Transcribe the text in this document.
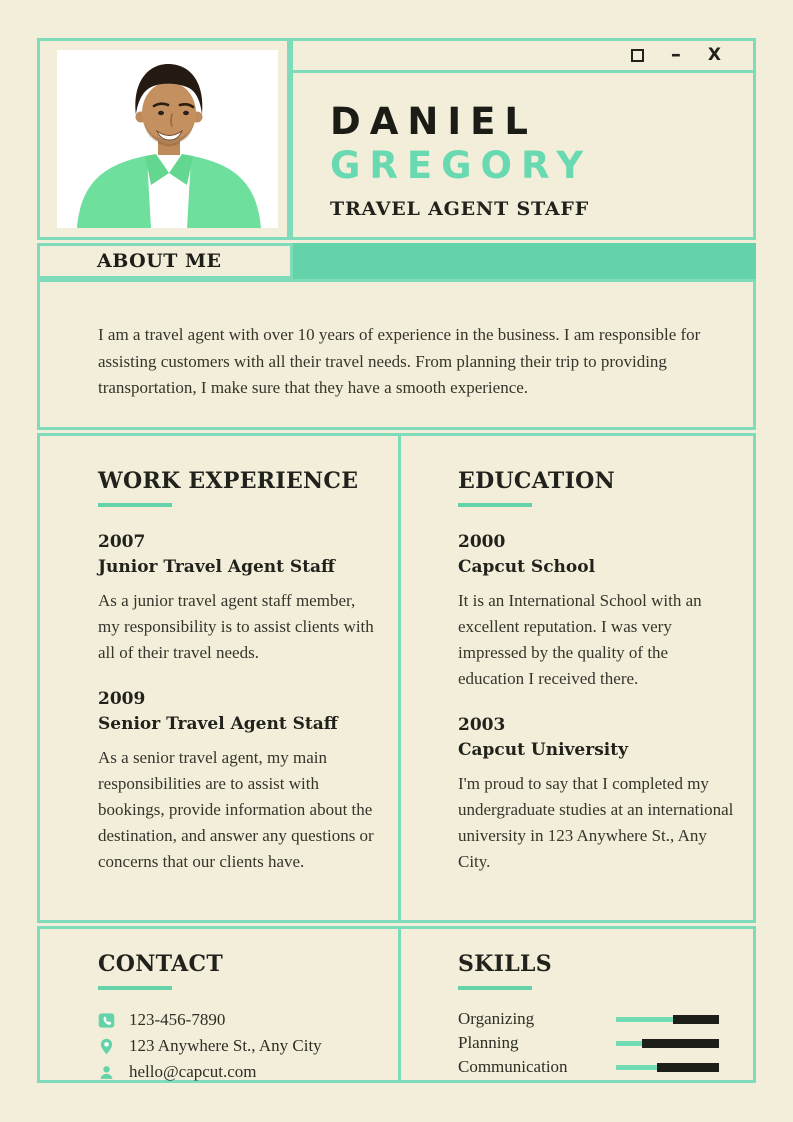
– X
DANIEL
GREGORY
TRAVEL AGENT STAFF
ABOUT ME

I am a travel agent with over 10 years of experience in the business. I am responsible for assisting customers with all their travel needs. From planning their trip to providing transportation, I make sure that they have a smooth experience.

WORK EXPERIENCE
2007
Junior Travel Agent Staff
As a junior travel agent staff member, my responsibility is to assist clients with all of their travel needs.
2009
Senior Travel Agent Staff
As a senior travel agent, my main responsibilities are to assist with bookings, provide information about the destination, and answer any questions or concerns that our clients have.
EDUCATION
2000
Capcut School
It is an International School with an excellent reputation. I was very impressed by the quality of the education I received there.
2003
Capcut University
I'm proud to say that I completed my undergraduate studies at an international university in 123 Anywhere St., Any City.
CONTACT
123-456-7890
123 Anywhere St., Any City
hello@capcut.com
SKILLS
Organizing
Planning
Communication
